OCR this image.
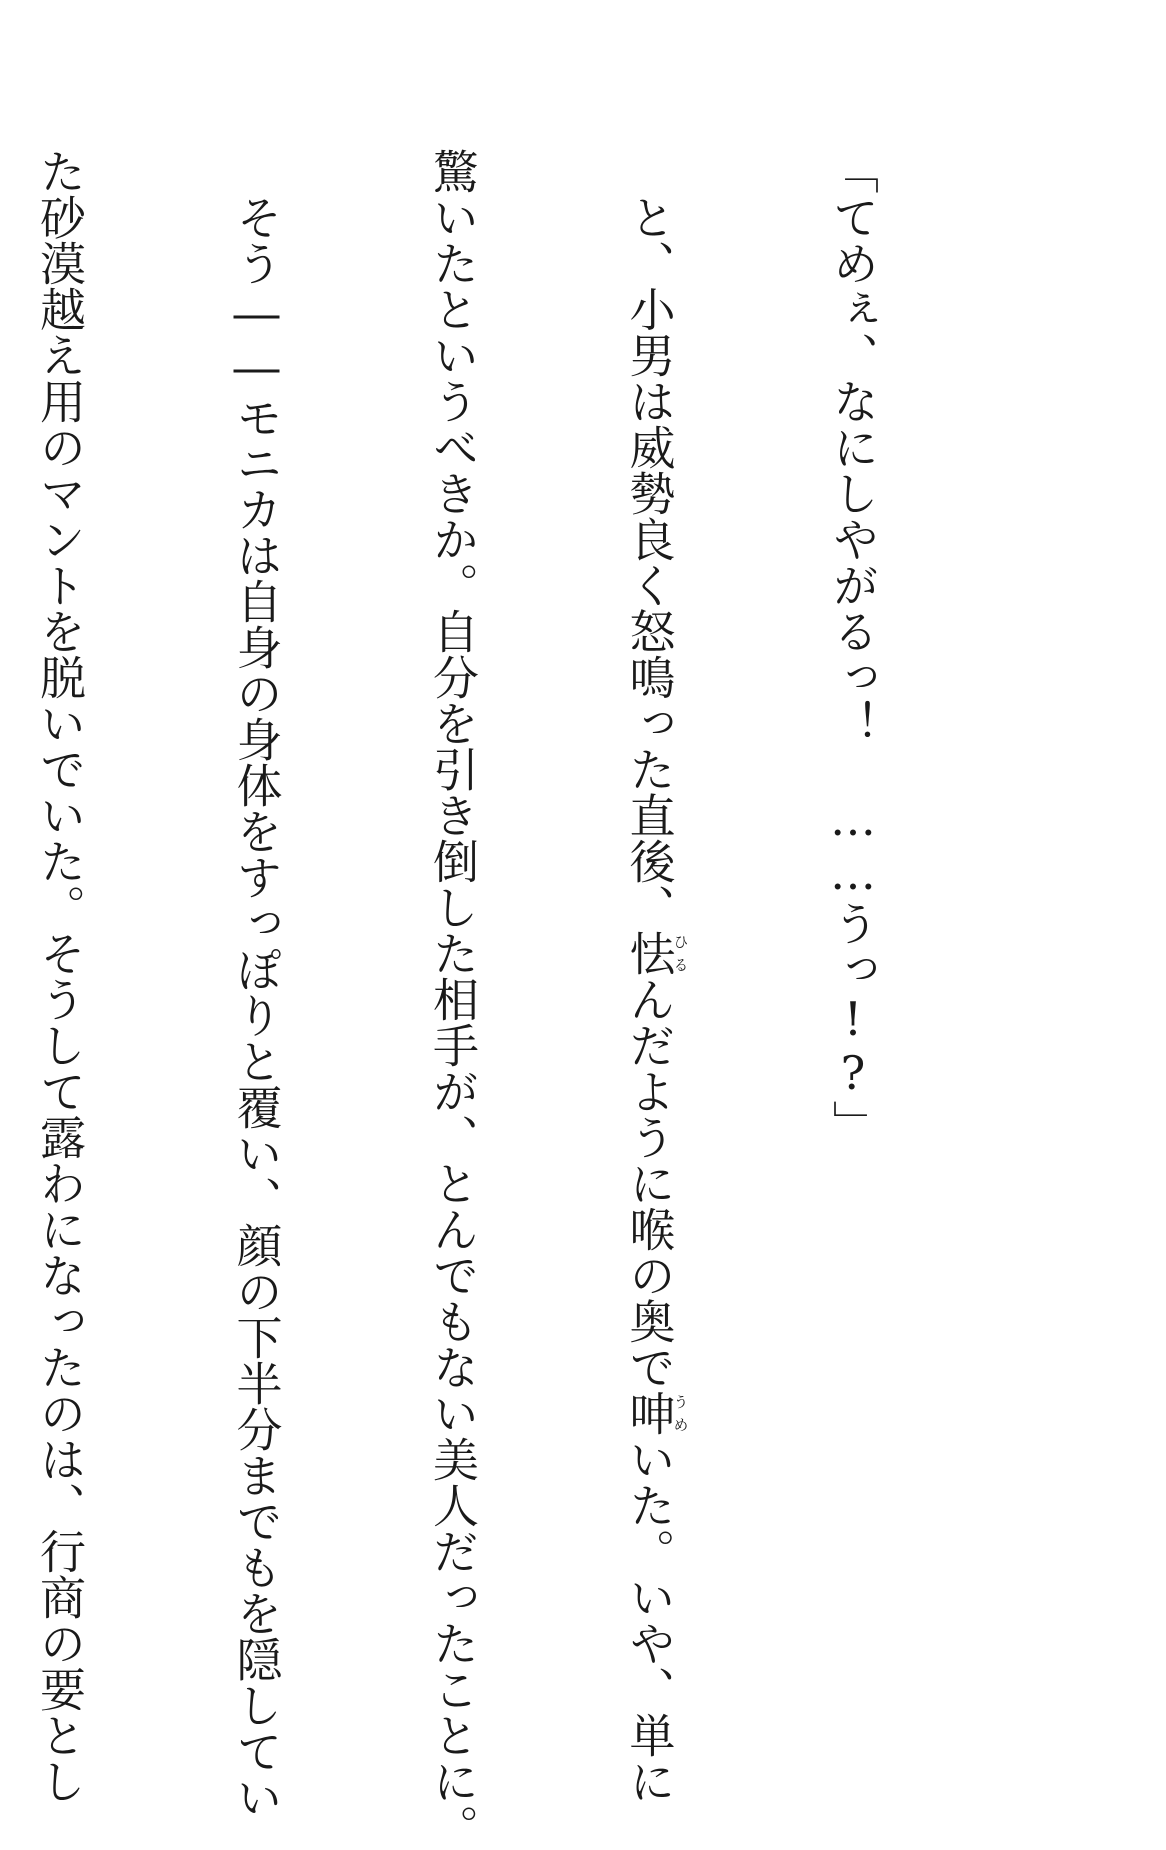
「てめぇ、なにしやがるっ！　……うっ!?」

　と、小男は威勢良く怒鳴った直後、怯ひるんだように喉の奥で呻うめいた。いや、単に

驚いたというべきか。自分を引き倒した相手が、とんでもない美人だったことに。

　そう――モニカは自身の身体をすっぽりと覆い、顔の下半分までもを隠してい

た砂漠越え用のマントを脱いでいた。そうして露わになったのは、行商の要とし
